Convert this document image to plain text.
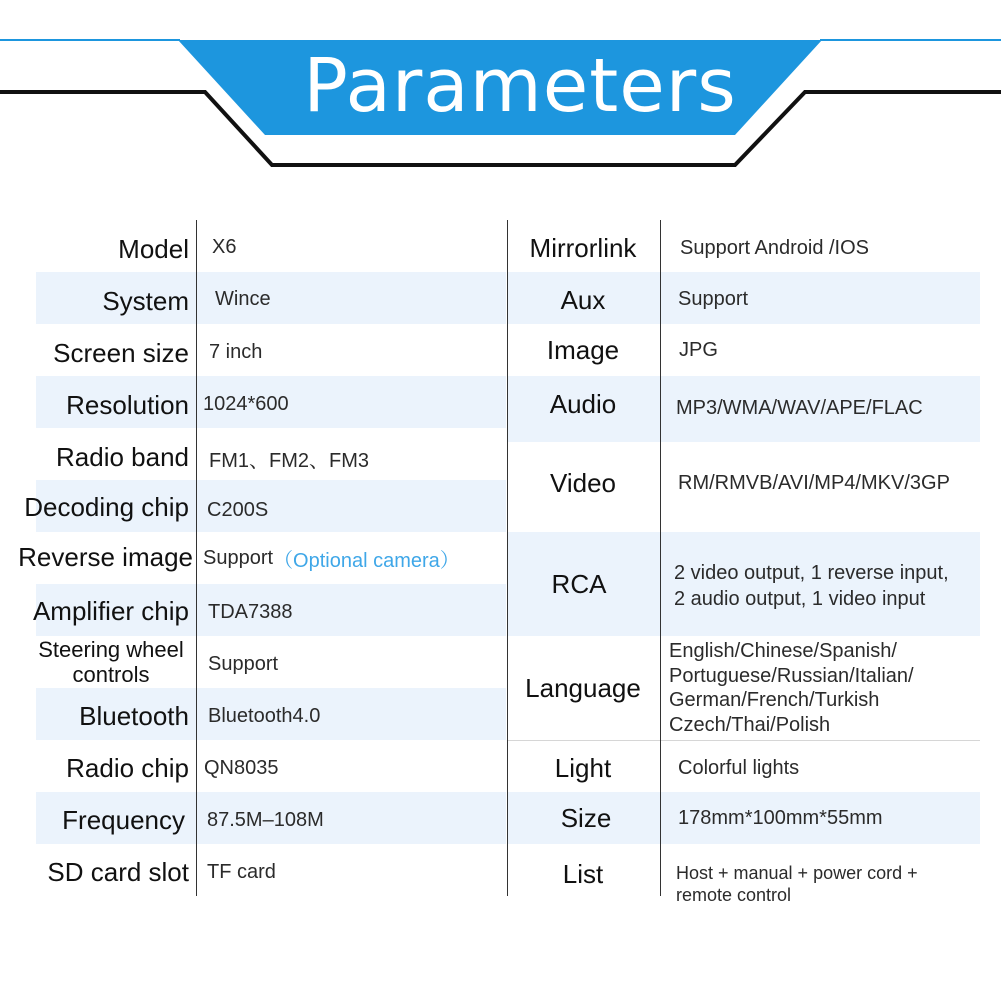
Parameters
Model
System
Screen size
Resolution
Radio band
Decoding chip
Reverse image
Amplifier chip
Steering wheel
controls
Bluetooth
Radio chip
Frequency
SD card slot
X6
Wince
7 inch
1024*600
FM1、FM2、FM3
C200S
Support （Optional camera）
TDA7388
Support
Bluetooth4.0
QN8035
87.5M–108M
TF card
Mirrorlink
Aux
Image
Audio
Video
RCA
Language
Light
Size
List
Support Android /IOS
Support
JPG
MP3/WMA/WAV/APE/FLAC
RM/RMVB/AVI/MP4/MKV/3GP
2 video output, 1 reverse input,
2 audio output, 1 video input
English/Chinese/Spanish/
Portuguese/Russian/Italian/
German/French/Turkish
Czech/Thai/Polish
Colorful lights
178mm*100mm*55mm
Host + manual + power cord +
remote control
